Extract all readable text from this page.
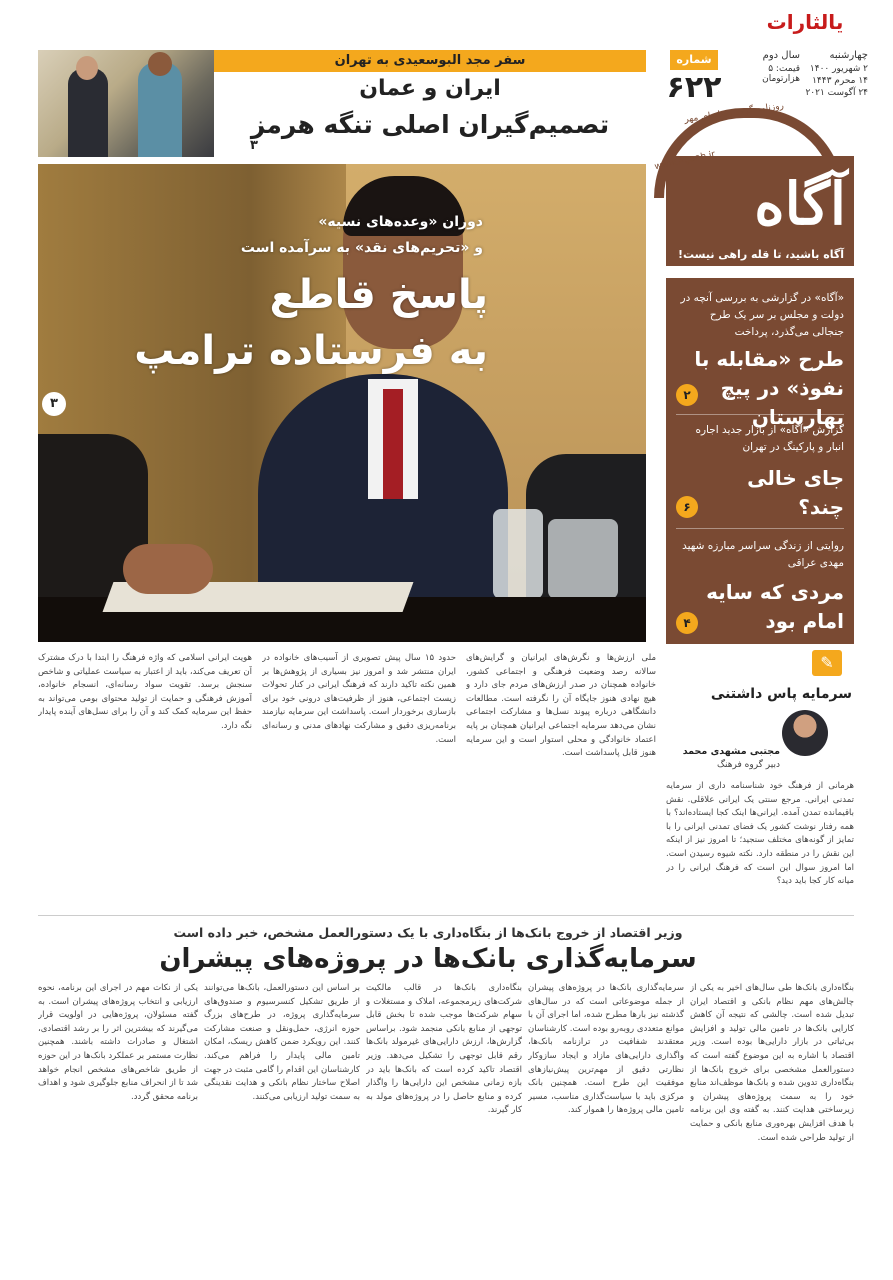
یالثارات
سفر مجد البوسعیدی به تهران
ایران و عمان
تصمیم‌گیران اصلی تنگه هرمز
۳
دوران «وعده‌های نسیه»
و «تحریم‌های نقد» به سرآمده است
پاسخ قاطع
به فرستاده ترامپ
۳
شماره
۶۲۲
سال دوم
قیمت: ۵ هزارتومان
چهارشنبه
۲ شهریور ۱۴۰۰
۱۴ محرم ۱۴۴۳
۲۴ آگوست ۲۰۲۱
www.Agaah.ir
روزنامه گروه رسانه‌ای مهر
آگاه
آگاه باشید، تا قله راهی نیست!
«آگاه» در گزارشی به بررسی آنچه در دولت و مجلس بر سر یک طرح جنجالی می‌گذرد، پرداخت
طرح «مقابله با نفوذ» در پیچ بهارستان
۲
گزارش «آگاه» از بازار جدید اجاره انبار و پارکینگ در تهران
جای خالی چند؟
۶
روایتی از زندگی سراسر مبارزه شهید مهدی عراقی
مردی که سایه امام بود
۴
✎
سرمایه پاس داشتنی
مجتبی مشهدی محمد
دبیر گروه فرهنگ
هرمانی از فرهنگ خود شناسنامه داری از سرمایه تمدنی ایرانی. مرجع سنتی یک ایرانی علاقلی. نقش باقیمانده تمدن آمده. ایرانی‌ها اینک کجا ایستاده‌اند؟ با همه رفتار نوشت کشور یک فضای تمدنی ایرانی را با تمایز از گونه‌های مختلف سنجید؛ تا امروز نیز از اینکه این نقش را در منطقه دارد. نکته شیوه رسیدن است. اما امروز سوال این است که فرهنگ ایرانی را در میانه کار کجا باید دید؟
ملی ارزش‌ها و نگرش‌های ایرانیان و گرایش‌های سالانه رصد وضعیت فرهنگی و اجتماعی کشور، خانواده همچنان در صدر ارزش‌های مردم جای دارد و هیچ نهادی هنوز جایگاه آن را نگرفته است. مطالعات دانشگاهی درباره پیوند نسل‌ها و مشارکت اجتماعی نشان می‌دهد سرمایه اجتماعی ایرانیان همچنان بر پایه اعتماد خانوادگی و محلی استوار است و این سرمایه هنوز قابل پاسداشت است.
حدود ۱۵ سال پیش تصویری از آسیب‌های خانواده در ایران منتشر شد و امروز نیز بسیاری از پژوهش‌ها بر همین نکته تاکید دارند که فرهنگ ایرانی در کنار تحولات زیست اجتماعی، هنوز از ظرفیت‌های درونی خود برای بازسازی برخوردار است. پاسداشت این سرمایه نیازمند برنامه‌ریزی دقیق و مشارکت نهادهای مدنی و رسانه‌ای است.
هویت ایرانی اسلامی که واژه فرهنگ را ابتدا با درک مشترک آن تعریف می‌کند، باید از اعتبار به سیاست عملیاتی و شاخص سنجش برسد. تقویت سواد رسانه‌ای، انسجام خانواده، آموزش فرهنگی و حمایت از تولید محتوای بومی می‌تواند به حفظ این سرمایه کمک کند و آن را برای نسل‌های آینده پایدار نگه دارد.
وزیر اقتصاد از خروج بانک‌ها از بنگاه‌داری با یک دستورالعمل مشخص، خبر داده است
سرمایه‌گذاری بانک‌ها در پروژه‌های پیشران
بنگاه‌داری بانک‌ها طی سال‌های اخیر به یکی از چالش‌های مهم نظام بانکی و اقتصاد ایران تبدیل شده است. چالشی که نتیجه آن کاهش کارایی بانک‌ها در تامین مالی تولید و افزایش بی‌ثباتی در بازار دارایی‌ها بوده است. وزیر اقتصاد با اشاره به این موضوع گفته است که دستورالعمل مشخصی برای خروج بانک‌ها از بنگاه‌داری تدوین شده و بانک‌ها موظف‌اند منابع خود را به سمت پروژه‌های پیشران و زیرساختی هدایت کنند. به گفته وی این برنامه با هدف افزایش بهره‌وری منابع بانکی و حمایت از تولید طراحی شده است.
سرمایه‌گذاری بانک‌ها در پروژه‌های پیشران از جمله موضوعاتی است که در سال‌های گذشته نیز بارها مطرح شده، اما اجرای آن با موانع متعددی روبه‌رو بوده است. کارشناسان معتقدند شفافیت در ترازنامه بانک‌ها، واگذاری دارایی‌های مازاد و ایجاد سازوکار نظارتی دقیق از مهم‌ترین پیش‌نیازهای موفقیت این طرح است. همچنین بانک مرکزی باید با سیاست‌گذاری مناسب، مسیر تامین مالی پروژه‌ها را هموار کند.
بنگاه‌داری بانک‌ها در قالب مالکیت شرکت‌های زیرمجموعه، املاک و مستغلات و سهام شرکت‌ها موجب شده تا بخش قابل توجهی از منابع بانکی منجمد شود. براساس گزارش‌ها، ارزش دارایی‌های غیرمولد بانک‌ها رقم قابل توجهی را تشکیل می‌دهد. وزیر اقتصاد تاکید کرده است که بانک‌ها باید در بازه زمانی مشخص این دارایی‌ها را واگذار کرده و منابع حاصل را در پروژه‌های مولد به کار گیرند.
بر اساس این دستورالعمل، بانک‌ها می‌توانند از طریق تشکیل کنسرسیوم و صندوق‌های سرمایه‌گذاری پروژه، در طرح‌های بزرگ حوزه انرژی، حمل‌ونقل و صنعت مشارکت کنند. این رویکرد ضمن کاهش ریسک، امکان تامین مالی پایدار را فراهم می‌کند. کارشناسان این اقدام را گامی مثبت در جهت اصلاح ساختار نظام بانکی و هدایت نقدینگی به سمت تولید ارزیابی می‌کنند.
یکی از نکات مهم در اجرای این برنامه، نحوه ارزیابی و انتخاب پروژه‌های پیشران است. به گفته مسئولان، پروژه‌هایی در اولویت قرار می‌گیرند که بیشترین اثر را بر رشد اقتصادی، اشتغال و صادرات داشته باشند. همچنین نظارت مستمر بر عملکرد بانک‌ها در این حوزه از طریق شاخص‌های مشخص انجام خواهد شد تا از انحراف منابع جلوگیری شود و اهداف برنامه محقق گردد.
